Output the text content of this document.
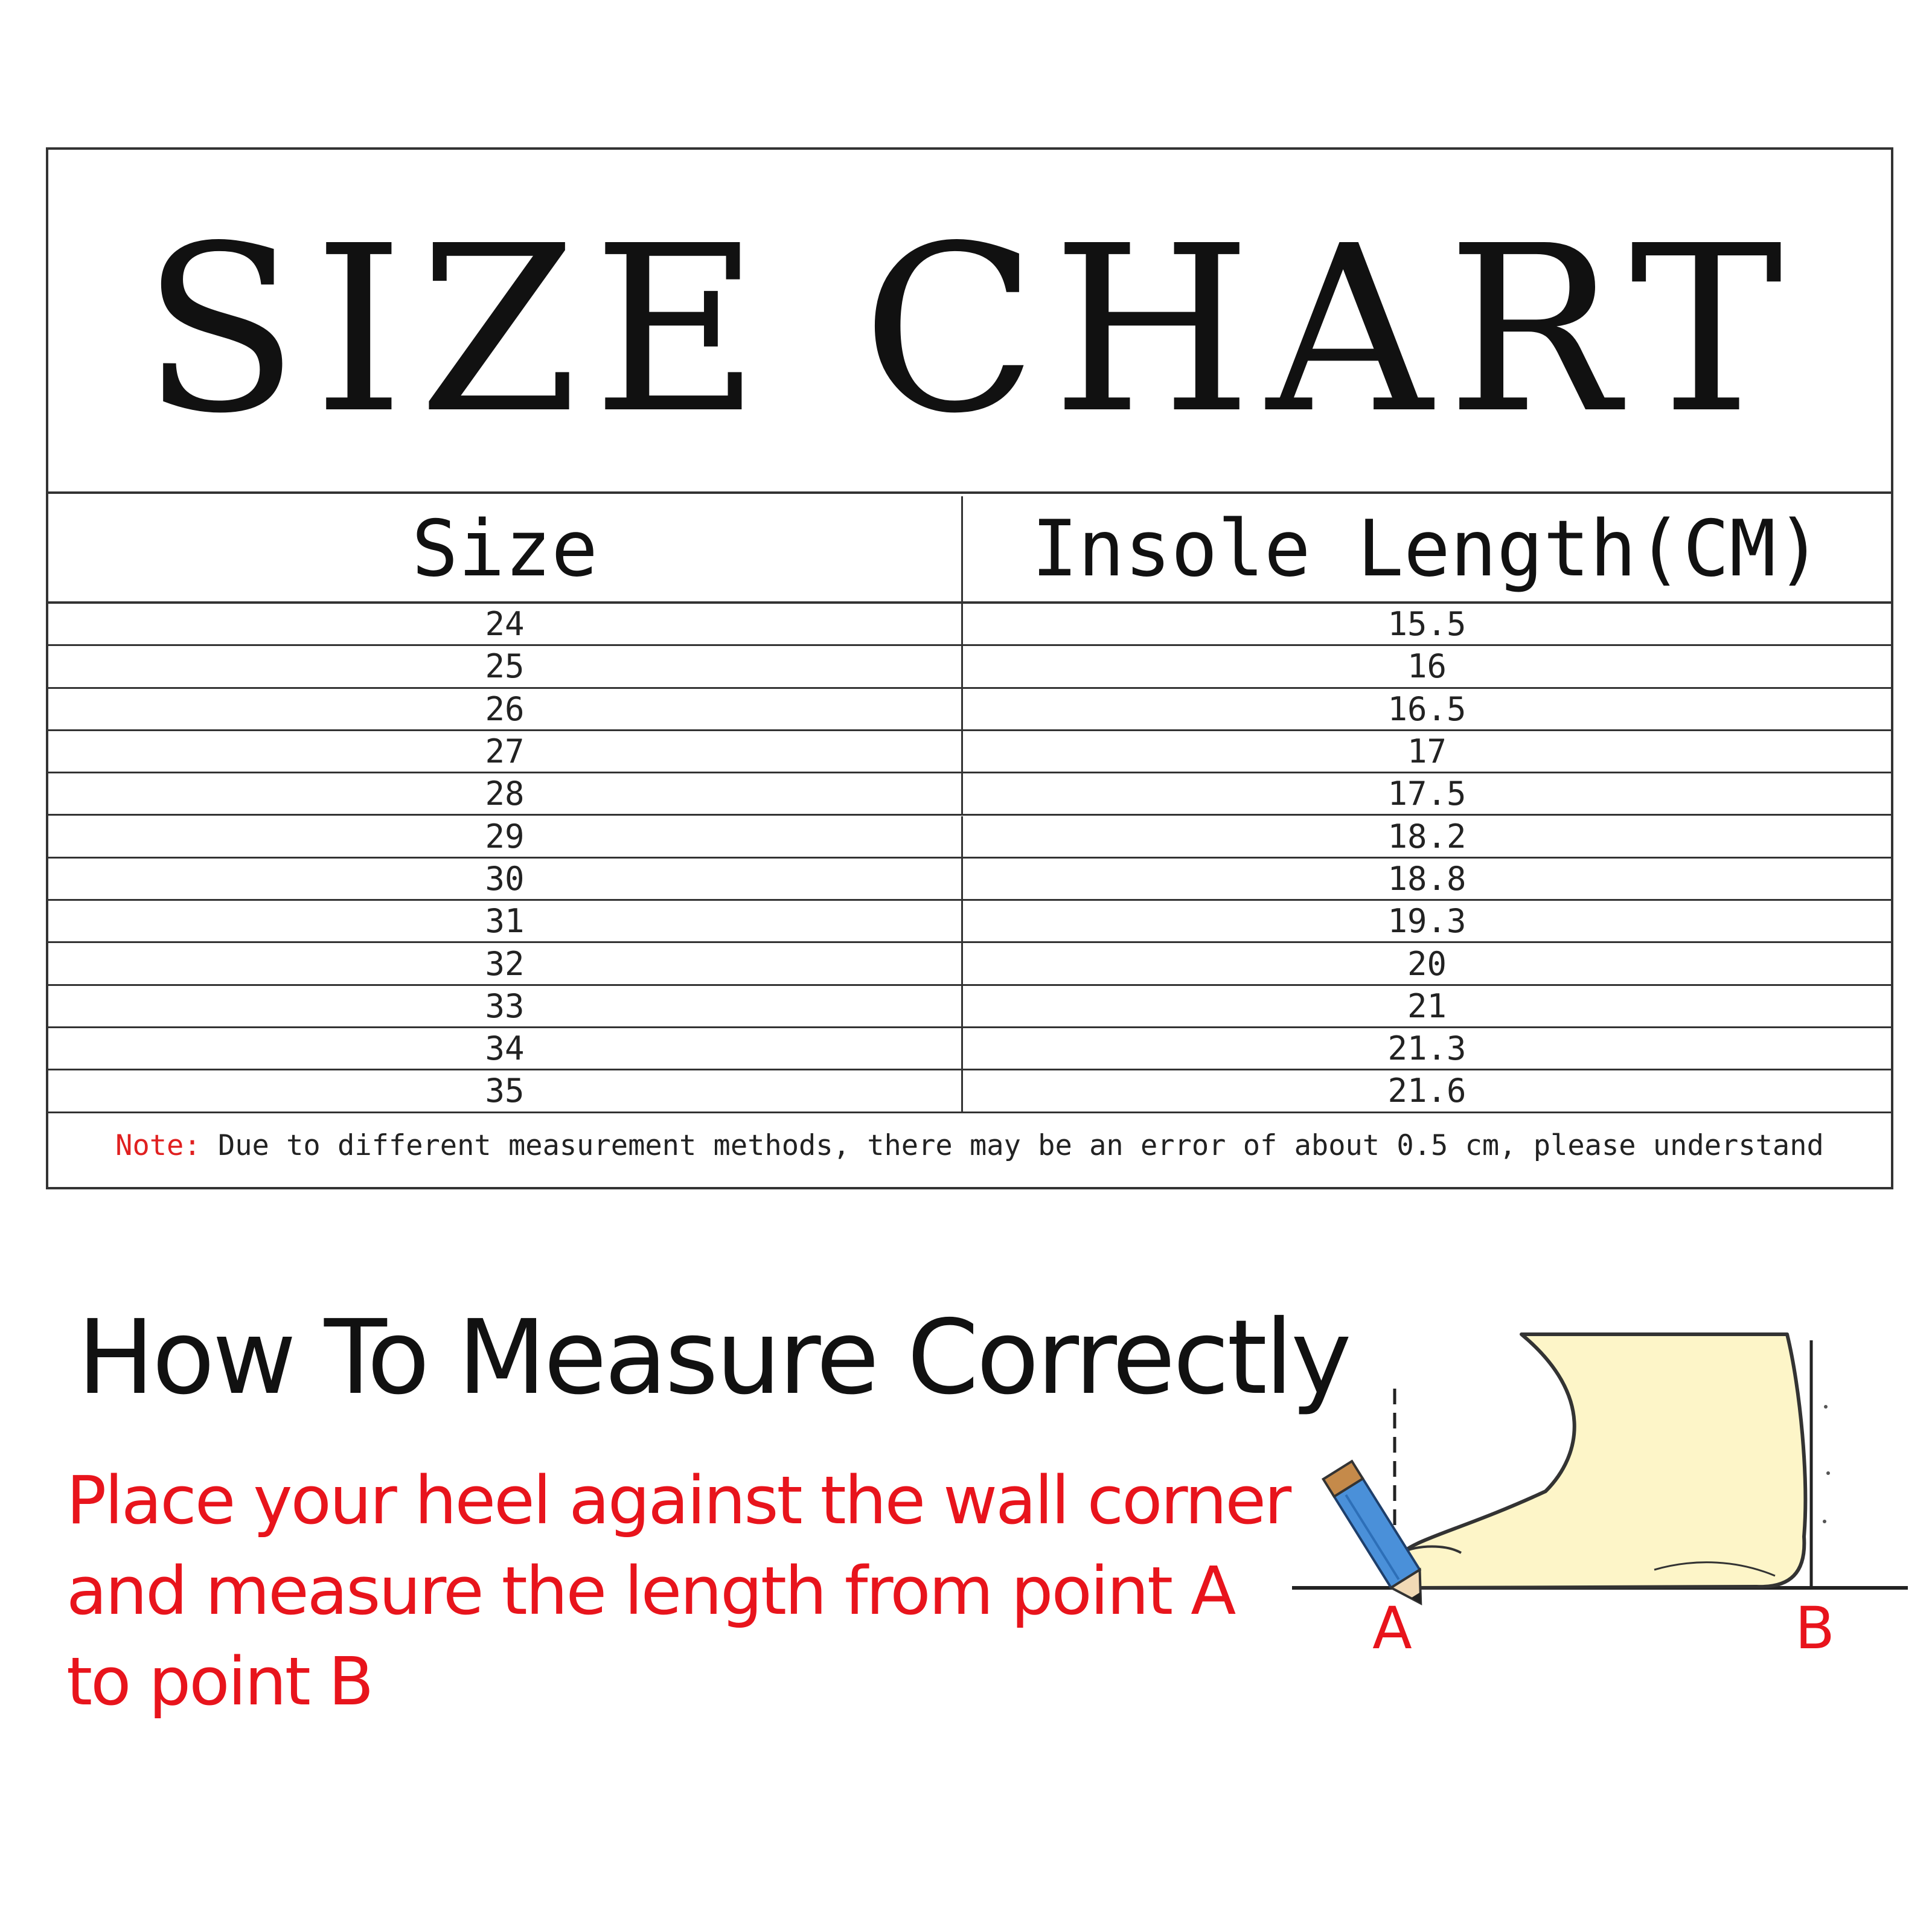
SIZE CHART
Size	Insole Length(CM)
24	15.5
25	16
26	16.5
27	17
28	17.5
29	18.2
30	18.8
31	19.3
32	20
33	21
34	21.3
35	21.6
Note:
Due to different measurement methods, there may be an error of about 0.5 cm, please understand
How To Measure Correctly
Place your heel against the wall corner and measure the length from point A to point B
A	B
